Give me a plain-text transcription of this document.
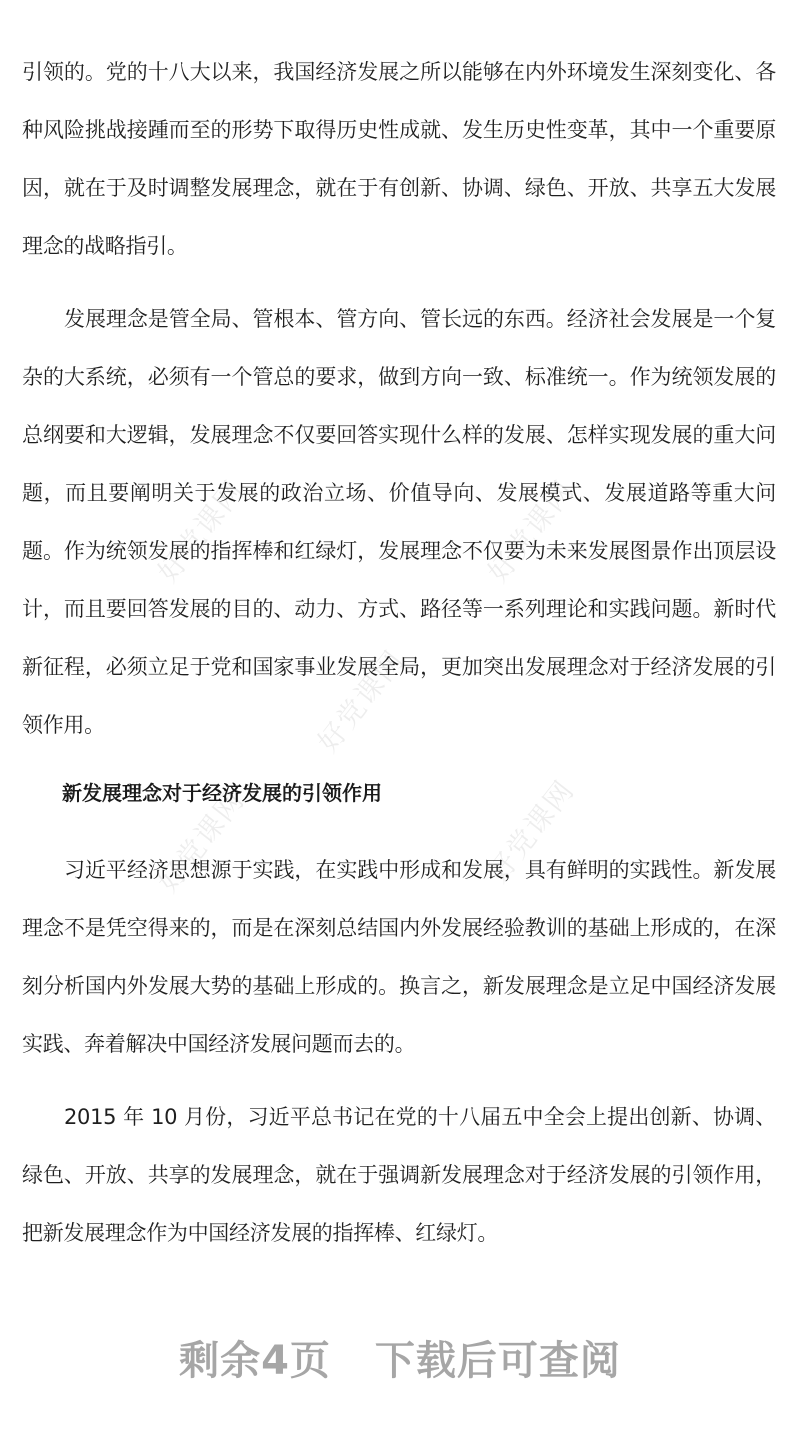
好党课网	好党课网
好党课网
好党课网	好党课网

引领的。党的十八大以来，我国经济发展之所以能够在内外环境发生深刻变化、各种风险挑战接踵而至的形势下取得历史性成就、发生历史性变革，其中一个重要原因，就在于及时调整发展理念，就在于有创新、协调、绿色、开放、共享五大发展理念的战略指引。

发展理念是管全局、管根本、管方向、管长远的东西。经济社会发展是一个复杂的大系统，必须有一个管总的要求，做到方向一致、标准统一。作为统领发展的总纲要和大逻辑，发展理念不仅要回答实现什么样的发展、怎样实现发展的重大问题，而且要阐明关于发展的政治立场、价值导向、发展模式、发展道路等重大问题。作为统领发展的指挥棒和红绿灯，发展理念不仅要为未来发展图景作出顶层设计，而且要回答发展的目的、动力、方式、路径等一系列理论和实践问题。新时代新征程，必须立足于党和国家事业发展全局，更加突出发展理念对于经济发展的引领作用。

新发展理念对于经济发展的引领作用

习近平经济思想源于实践，在实践中形成和发展，具有鲜明的实践性。新发展理念不是凭空得来的，而是在深刻总结国内外发展经验教训的基础上形成的，在深刻分析国内外发展大势的基础上形成的。换言之，新发展理念是立足中国经济发展实践、奔着解决中国经济发展问题而去的。

2015 年 10 月份，习近平总书记在党的十八届五中全会上提出创新、协调、绿色、开放、共享的发展理念，就在于强调新发展理念对于经济发展的引领作用，把新发展理念作为中国经济发展的指挥棒、红绿灯。

剩余4页 下载后可查阅
